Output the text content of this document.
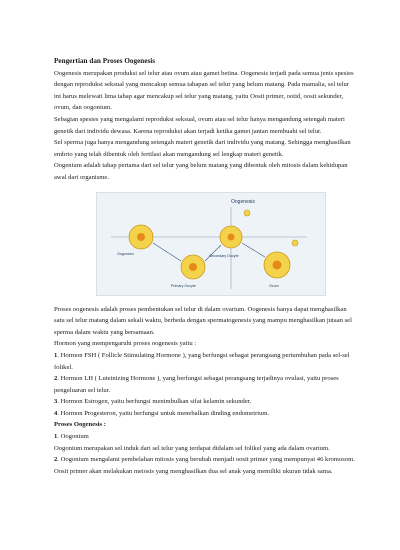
Pengertian dan Proses Oogenesis

Oogenesis merupakan produksi sel telur atau ovum atau gamet betina. Oogenesis terjadi pada semua jenis spesies dengan reproduksi seksual yang mencakup semua tahapan sel telur yang belum matang. Pada mamalia, sel telur ini harus melewati lima tahap agar mencakup sel telur yang matang, yaitu Oosit primer, ootid, oosit sekunder, ovum, dan oogonium.

Sebagian spesies yang mengalami reproduksi seksual, ovum atau sel telur hanya mengandung setengah materi genetik dari individu dewasa. Karena reproduksi akan terjadi ketika gamet jantan membuahi sel telur.

Sel sperma juga hanya mengandung setengah materi genetik dari individu yang matang. Sehingga menghasilkan embrio yang telah dibentuk oleh fertilasi akan mengandung sel lengkap materi genetik.

Oogenium adalah tahap pertama dari sel telur yang belum matang yang dibentuk oleh mitosis dalam kehidupan awal dari organisme.

Oogenesis
Oogonium
Primary Oocyte
Secondary Oocyte
Ovum

Proses oogenesis adalah proses pembentukan sel telur di dalam ovarium. Oogenesis hanya dapat menghasilkan satu sel telur matang dalam sekali waktu, berbeda dengan spermatogenesis yang mampu menghasilkan jutaan sel sperma dalam waktu yang bersamaan.

Hormon yang mempengaruhi proses oogenesis yaitu :

1. Hormon FSH ( Follicle Stimulating Hormone ), yang berfungsi sebagai perangsang pertumbuhan pada sel-sel folikel.

2. Hormon LH ( Luteinizing Hormone ), yang berfungsi sebagai perangsang terjadinya ovulasi, yaitu proses pengeluaran sel telur.

3. Hormon Estrogen, yaitu berfungsi menimbulkan sifat kelamin sekunder.

4. Hormon Progesteron, yaitu berfungsi untuk menebalkan dinding endometrium.

Proses Oogenesis :

1. Oogonium

Oogonium merupakan sel induk dari sel telur yang terdapat didalam sel folikel yang ada dalam ovarium.

2. Oogonium mengalami pembelahan mitosis yang berubah menjadi oosit primer yang mempunyai 46 kromosom. Oosit primer akan melakukan meiosis yang menghasilkan dua sel anak yang memiliki ukuran tidak sama.
